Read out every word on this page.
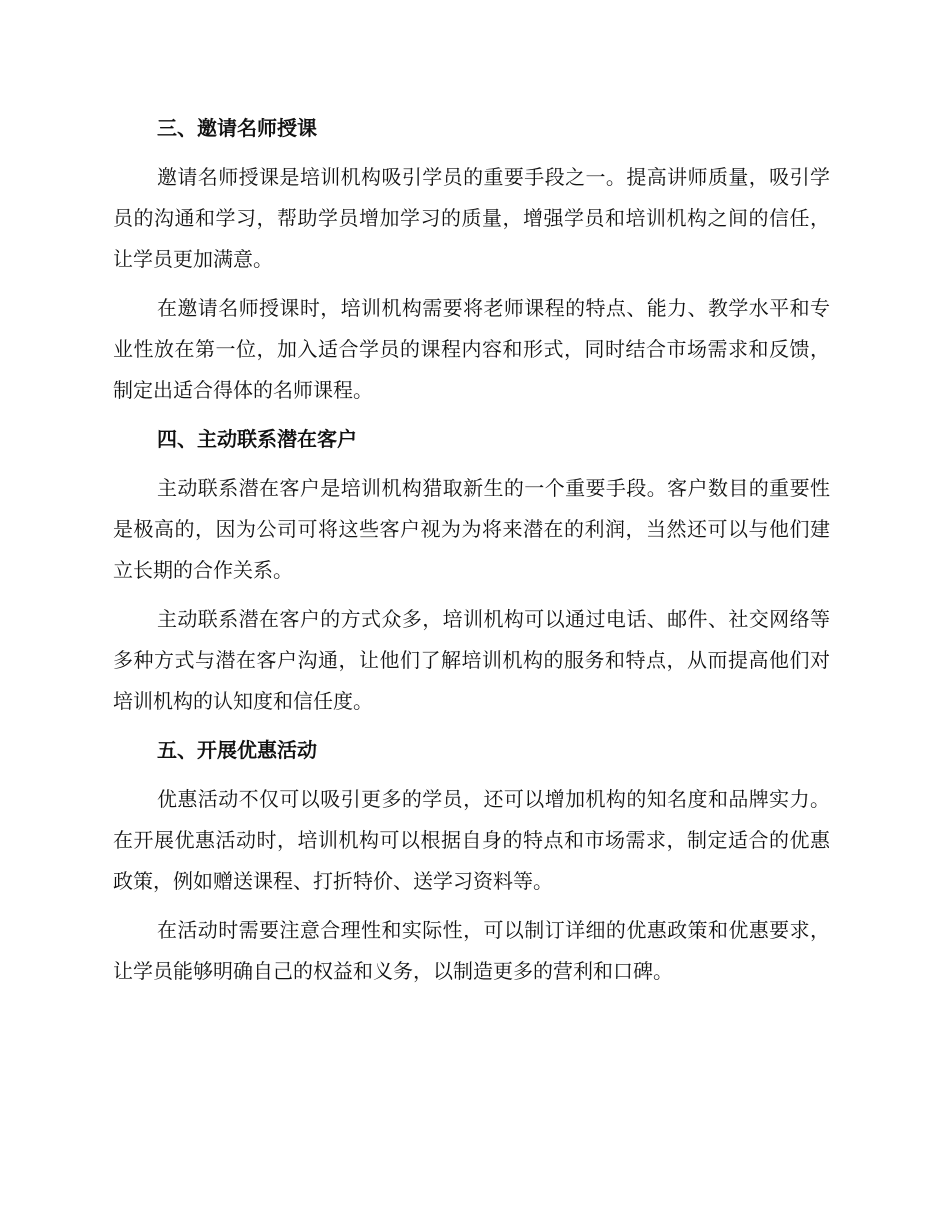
三、邀请名师授课

邀请名师授课是培训机构吸引学员的重要手段之一。提高讲师质量，吸引学员的沟通和学习，帮助学员增加学习的质量，增强学员和培训机构之间的信任，让学员更加满意。

在邀请名师授课时，培训机构需要将老师课程的特点、能力、教学水平和专业性放在第一位，加入适合学员的课程内容和形式，同时结合市场需求和反馈，制定出适合得体的名师课程。

四、主动联系潜在客户

主动联系潜在客户是培训机构猎取新生的一个重要手段。客户数目的重要性是极高的，因为公司可将这些客户视为为将来潜在的利润，当然还可以与他们建立长期的合作关系。

主动联系潜在客户的方式众多，培训机构可以通过电话、邮件、社交网络等多种方式与潜在客户沟通，让他们了解培训机构的服务和特点，从而提高他们对培训机构的认知度和信任度。

五、开展优惠活动

优惠活动不仅可以吸引更多的学员，还可以增加机构的知名度和品牌实力。在开展优惠活动时，培训机构可以根据自身的特点和市场需求，制定适合的优惠政策，例如赠送课程、打折特价、送学习资料等。

在活动时需要注意合理性和实际性，可以制订详细的优惠政策和优惠要求，让学员能够明确自己的权益和义务，以制造更多的营利和口碑。
